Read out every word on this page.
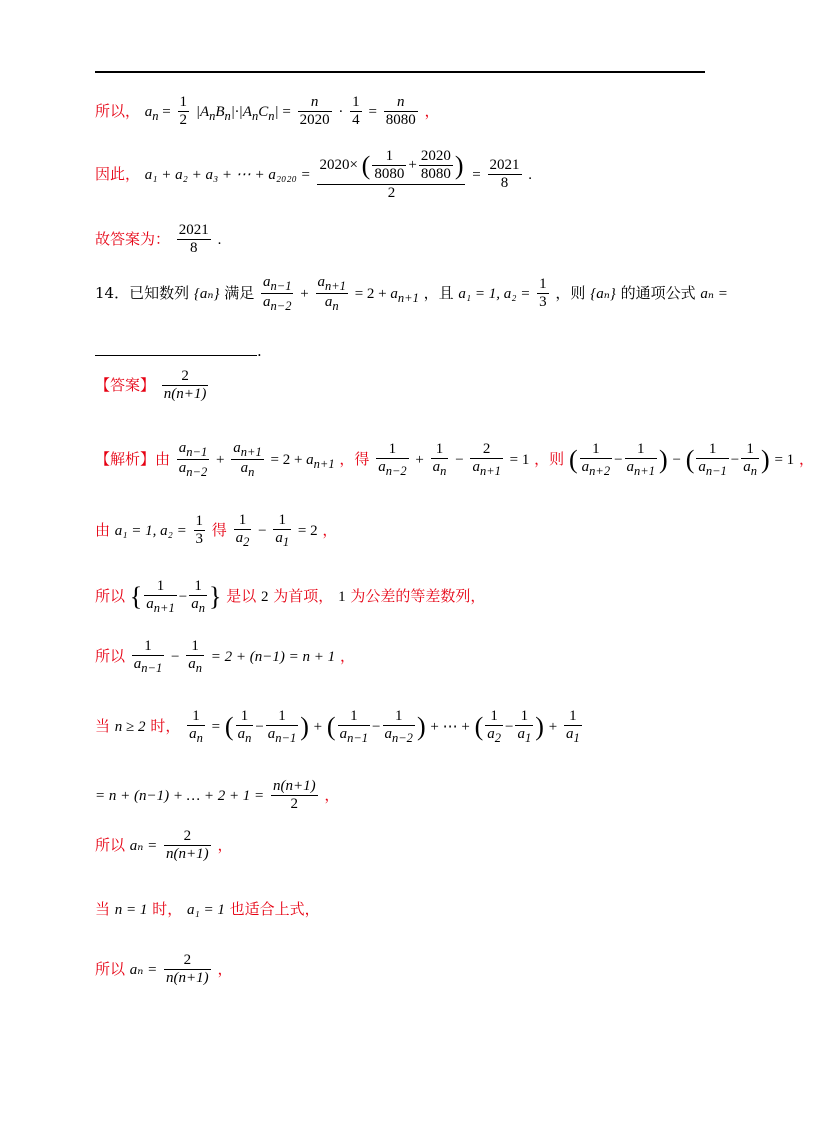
所以， $a_n = \frac{1}{2} |A_nB_n|\cdot|A_nC_n| = \frac{n}{2020} \cdot \frac{1}{4} = \frac{n}{8080}$ ，
因此， a₁ + a₂ + a₃ + ⋯ + $a_{2020} = \frac{2020\times ( \frac{1}{8080} + \frac{2020}{8080} )}{2} = \frac{2021}{8}$ .
故答案为： $\frac{2021}{8}$ .
14．已知数列 {aₙ} 满足 $\frac{a_{n-1}}{a_{n-2}} + \frac{a_{n+1}}{a_n} = 2 + a_{n+1}$ ，且 a₁ = 1, $a_2 = \frac{1}{3}$ ，则 {aₙ} 的通项公式 aₙ =
.
【答案】 $\frac{2}{n(n+1)}$
【解析】由 $\frac{a_{n-1}}{a_{n-2}} + \frac{a_{n+1}}{a_n} = 2 + a_{n+1}$ ，得 $\frac{1}{a_{n-2}} + \frac{1}{a_n} - \frac{2}{a_{n+1}} = 1$ ，则 ( $\frac{1}{a_{n+2}} - \frac{1}{a_{n+1}}$ ) − ( $\frac{1}{a_{n-1}} - \frac{1}{a_n}$ ) = 1 ，
由 a₁ = 1, $a_2 = \frac{1}{3}$ 得 $\frac{1}{a_2} - \frac{1}{a_1} = 2$ ，
所以 { $\frac{1}{a_{n+1}} - \frac{1}{a_n}$ } 是以 2 为首项， 1 为公差的等差数列，
所以 $\frac{1}{a_{n-1}} - \frac{1}{a_n} = 2 + (n-1) = n + 1$ ，
当 n ≥ 2 时， $\frac{1}{a_n}$ = ( $\frac{1}{a_n} - \frac{1}{a_{n-1}}$ ) + ( $\frac{1}{a_{n-1}} - \frac{1}{a_{n-2}}$ ) + ⋯ + ( $\frac{1}{a_2} - \frac{1}{a_1}$ ) + $\frac{1}{a_1}$
= n + (n−1) + … + $2 + 1 = \frac{n(n+1)}{2}$ ，
所以 $a_n = \frac{2}{n(n+1)}$ ，
当 n = 1 时， a₁ = 1 也适合上式，
所以 $a_n = \frac{2}{n(n+1)}$ ，
